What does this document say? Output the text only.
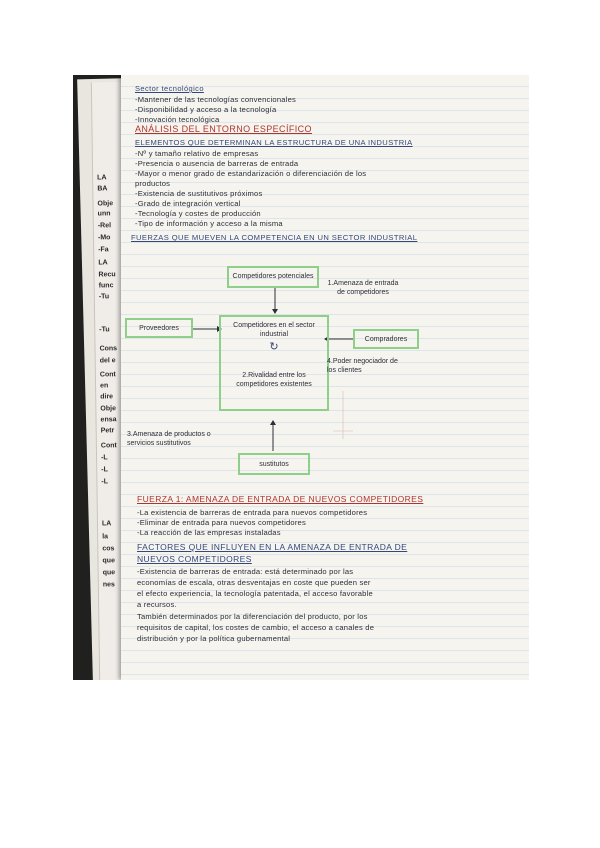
LA
BA
Obje
unn
-Rel
-Mo
-Fa
LA
Recu
func
-Tu
-Tu
Cons
del e
Cont
en
dire
Obje
ensa
Petr
Cont
-L
-L
-L
LA
la
cos
que
que
nes
Sector tecnológico
-Mantener de las tecnologías convencionales
-Disponibilidad y acceso a la tecnología
-Innovación tecnológica
ANÁLISIS DEL ENTORNO ESPECÍFICO
ELEMENTOS QUE DETERMINAN LA ESTRUCTURA DE UNA INDUSTRIA
-Nº y tamaño relativo de empresas
-Presencia o ausencia de barreras de entrada
-Mayor o menor grado de estandarización o diferenciación de los
productos
-Existencia de sustitutivos próximos
-Grado de integración vertical
-Tecnología y costes de producción
-Tipo de información y acceso a la misma
FUERZAS QUE MUEVEN LA COMPETENCIA EN UN SECTOR INDUSTRIAL
Competidores potenciales
Proveedores
Compradores
sustitutos
Competidores en el sector industrial
↻
2.Rivalidad entre los competidores existentes
1.Amenaza de entrada de competidores
3.Amenaza de productos o servicios sustitutivos
4.Poder negociador de los clientes
FUERZA 1: AMENAZA DE ENTRADA DE NUEVOS COMPETIDORES
-La existencia de barreras de entrada para nuevos competidores
-Eliminar de entrada para nuevos competidores
-La reacción de las empresas instaladas
FACTORES QUE INFLUYEN EN LA AMENAZA DE ENTRADA DE
NUEVOS COMPETIDORES
-Existencia de barreras de entrada: está determinado por las
economías de escala, otras desventajas en coste que pueden ser
el efecto experiencia, la tecnología patentada, el acceso favorable
a recursos.
También determinados por la diferenciación del producto, por los
requisitos de capital, los costes de cambio, el acceso a canales de
distribución y por la política gubernamental
